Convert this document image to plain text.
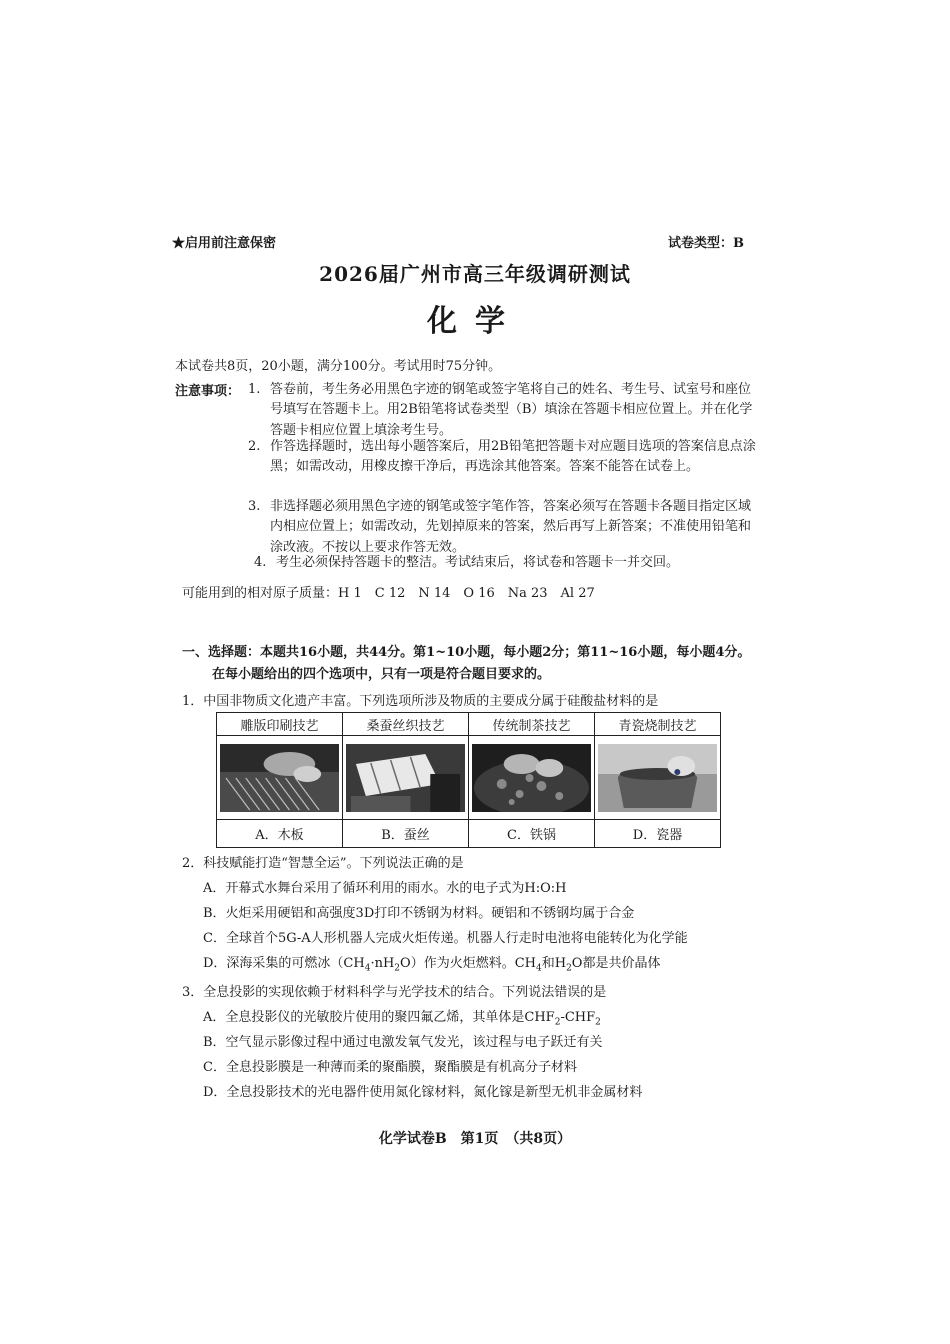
★启用前注意保密	试卷类型：B
2026届广州市高三年级调研测试
化学
本试卷共8页，20小题，满分100分。考试用时75分钟。
注意事项： 1. 答卷前，考生务必用黑色字迹的钢笔或签字笔将自己的姓名、考生号、试室号和座位号填写在答题卡上。用2B铅笔将试卷类型（B）填涂在答题卡相应位置上。并在化学答题卡相应位置上填涂考生号。
2. 作答选择题时，选出每小题答案后，用2B铅笔把答题卡对应题目选项的答案信息点涂黑；如需改动，用橡皮擦干净后，再选涂其他答案。答案不能答在试卷上。
3. 非选择题必须用黑色字迹的钢笔或签字笔作答，答案必须写在答题卡各题目指定区域内相应位置上；如需改动，先划掉原来的答案，然后再写上新答案；不准使用铅笔和涂改液。不按以上要求作答无效。
4. 考生必须保持答题卡的整洁。考试结束后，将试卷和答题卡一并交回。
可能用到的相对原子质量：H 1　C 12　N 14　O 16　Na 23　Al 27
一、选择题：本题共16小题，共44分。第1~10小题，每小题2分；第11~16小题，每小题4分。
在每小题给出的四个选项中，只有一项是符合题目要求的。
1．中国非物质文化遗产丰富。下列选项所涉及物质的主要成分属于硅酸盐材料的是
雕版印刷技艺	桑蚕丝织技艺	传统制茶技艺	青瓷烧制技艺

A．木板	B．蚕丝	C．铁锅	D．瓷器
2．科技赋能打造“智慧全运”。下列说法正确的是
A．开幕式水舞台采用了循环利用的雨水。水的电子式为H:O:H
B．火炬采用硬铝和高强度3D打印不锈钢为材料。硬铝和不锈钢均属于合金
C．全球首个5G-A人形机器人完成火炬传递。机器人行走时电池将电能转化为化学能
D．深海采集的可燃冰$(CH_4\cdot nH_2O)$作为火炬燃料。$CH_4$和$H_2O$都是共价晶体
3．全息投影的实现依赖于材料科学与光学技术的结合。下列说法错误的是
A．全息投影仪的光敏胶片使用的聚四氟乙烯，其单体是$CHF_2-CHF_2$
B．空气显示影像过程中通过电激发氧气发光，该过程与电子跃迁有关
C．全息投影膜是一种薄而柔的聚酯膜，聚酯膜是有机高分子材料
D．全息投影技术的光电器件使用氮化镓材料，氮化镓是新型无机非金属材料
化学试卷B　第1页　（共8页）
